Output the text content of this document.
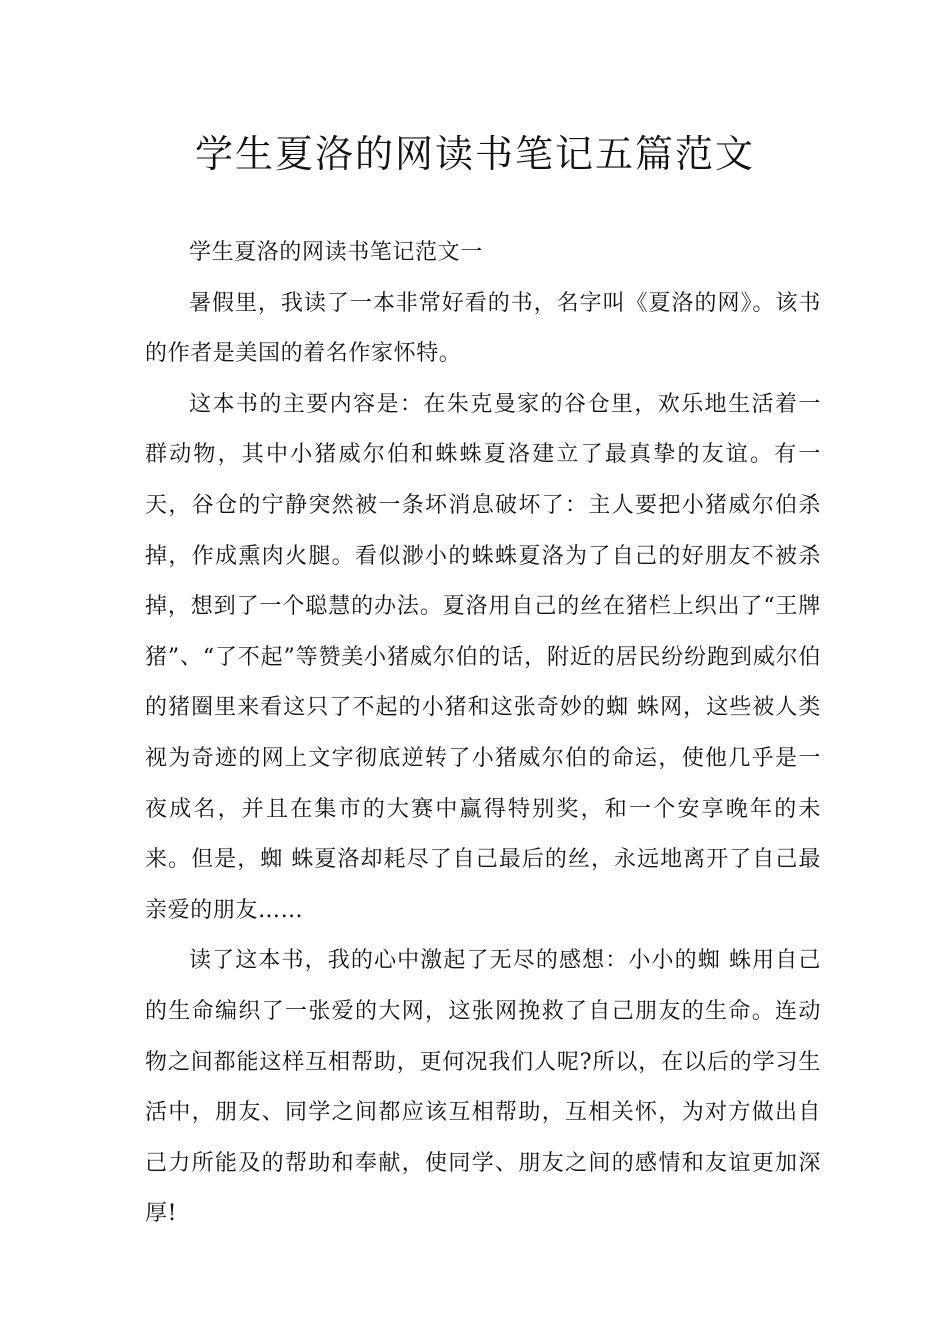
学生夏洛的网读书笔记五篇范文

学生夏洛的网读书笔记范文一

暑假里，我读了一本非常好看的书，名字叫《夏洛的网》。该书的作者是美国的着名作家怀特。

这本书的主要内容是：在朱克曼家的谷仓里，欢乐地生活着一群动物，其中小猪威尔伯和蛛蛛夏洛建立了最真挚的友谊。有一天，谷仓的宁静突然被一条坏消息破坏了：主人要把小猪威尔伯杀掉，作成熏肉火腿。看似渺小的蛛蛛夏洛为了自己的好朋友不被杀掉，想到了一个聪慧的办法。夏洛用自己的丝在猪栏上织出了“王牌猪”、“了不起”等赞美小猪威尔伯的话，附近的居民纷纷跑到威尔伯的猪圈里来看这只了不起的小猪和这张奇妙的蜘 蛛网，这些被人类视为奇迹的网上文字彻底逆转了小猪威尔伯的命运，使他几乎是一夜成名，并且在集市的大赛中赢得特别奖，和一个安享晚年的未来。但是，蜘 蛛夏洛却耗尽了自己最后的丝，永远地离开了自己最亲爱的朋友……

读了这本书，我的心中激起了无尽的感想：小小的蜘 蛛用自己的生命编织了一张爱的大网，这张网挽救了自己朋友的生命。连动物之间都能这样互相帮助，更何况我们人呢?所以，在以后的学习生活中，朋友、同学之间都应该互相帮助，互相关怀，为对方做出自己力所能及的帮助和奉献，使同学、朋友之间的感情和友谊更加深厚!
